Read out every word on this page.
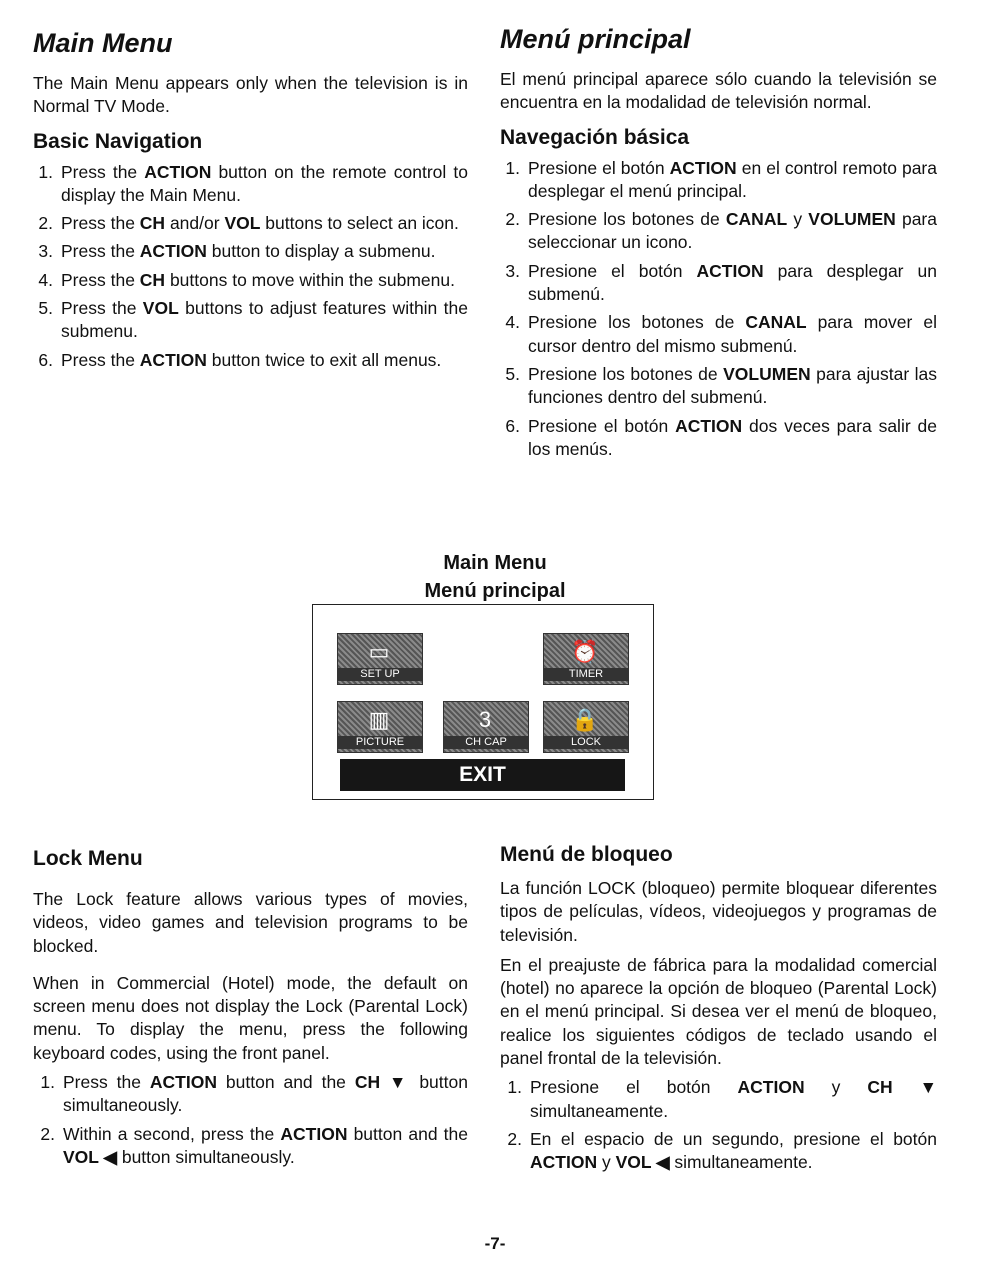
Main Menu

The Main Menu appears only when the television is in Normal TV Mode.

Basic Navigation
1. Press the ACTION button on the remote control to display the Main Menu.
2. Press the CH and/or VOL buttons to select an icon.
3. Press the ACTION button to display a submenu.
4. Press the CH buttons to move within the submenu.
5. Press the VOL buttons to adjust features within the submenu.
6. Press the ACTION button twice to exit all menus.
Menú principal

El menú principal aparece sólo cuando la televisión se encuentra en la modalidad de televisión normal.

Navegación básica
1. Presione el botón ACTION en el control remoto para desplegar el menú principal.
2. Presione los botones de CANAL y VOLUMEN para seleccionar un icono.
3. Presione el botón ACTION para desplegar un submenú.
4. Presione los botones de CANAL para mover el cursor dentro del mismo submenú.
5. Presione los botones de VOLUMEN para ajustar las funciones dentro del submenú.
6. Presione el botón ACTION dos veces para salir de los menús.
Main Menu
Menú principal
▭
SET UP
⏰
TIMER
▥
PICTURE
3
CH CAP
🔒
LOCK
EXIT
Lock Menu

The Lock feature allows various types of movies, videos, video games and television programs to be blocked.

When in Commercial (Hotel) mode, the default on screen menu does not display the Lock (Parental Lock) menu. To display the menu, press the following keyboard codes, using the front panel.

1. Press the ACTION button and the CH ▼ button simultaneously.
2. Within a second, press the ACTION button and the VOL ◀ button simultaneously.
Menú de bloqueo

La función LOCK (bloqueo) permite bloquear diferentes tipos de películas, vídeos, videojuegos y programas de televisión.

En el preajuste de fábrica para la modalidad comercial (hotel) no aparece la opción de bloqueo (Parental Lock) en el menú principal. Si desea ver el menú de bloqueo, realice los siguientes códigos de teclado usando el panel frontal de la televisión.

1. Presione el botón ACTION y CH ▼ simultaneamente.
2. En el espacio de un segundo, presione el botón ACTION y VOL ◀ simultaneamente.
-7-
